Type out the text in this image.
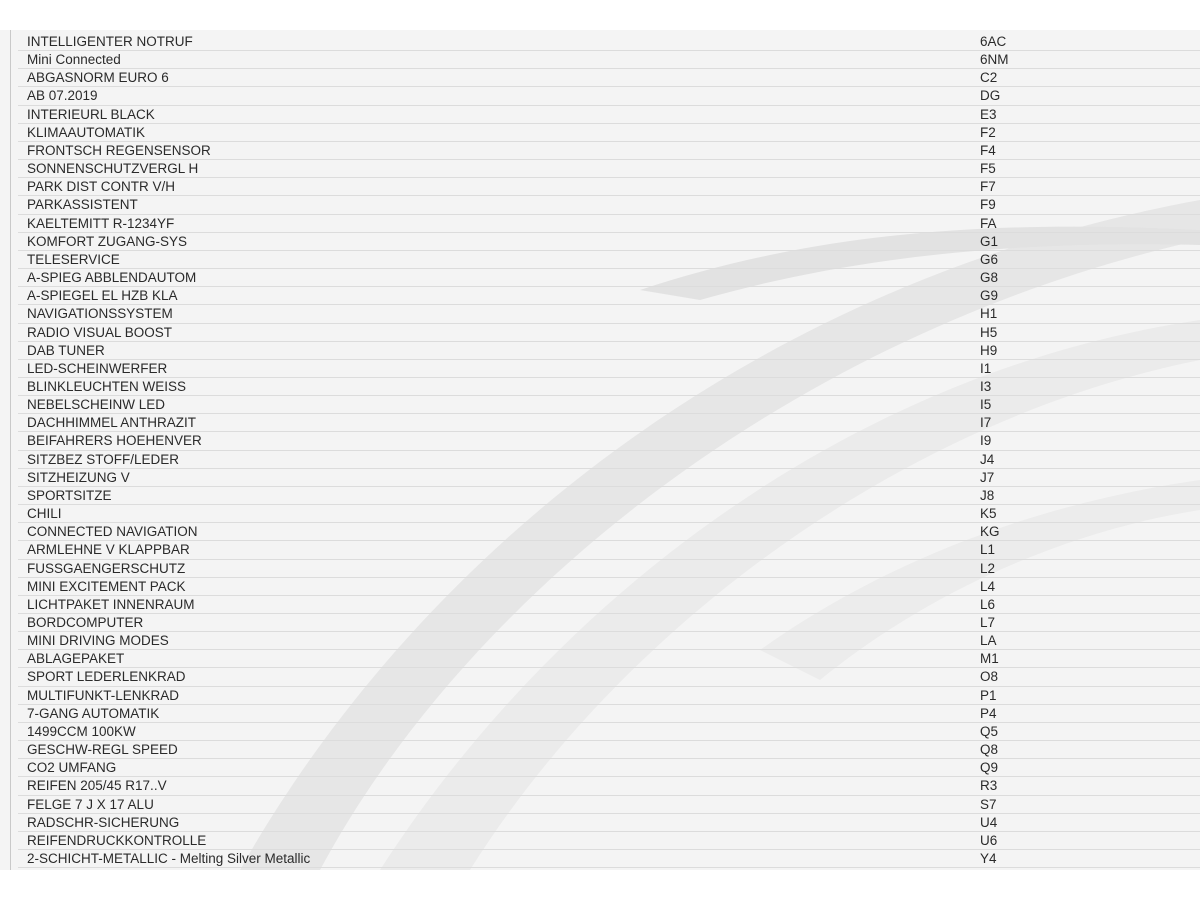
INTELLIGENTER NOTRUF	6AC
Mini Connected	6NM
ABGASNORM EURO 6	C2
AB 07.2019	DG
INTERIEURL BLACK	E3
KLIMAAUTOMATIK	F2
FRONTSCH REGENSENSOR	F4
SONNENSCHUTZVERGL H	F5
PARK DIST CONTR V/H	F7
PARKASSISTENT	F9
KAELTEMITT R-1234YF	FA
KOMFORT ZUGANG-SYS	G1
TELESERVICE	G6
A-SPIEG ABBLENDAUTOM	G8
A-SPIEGEL EL HZB KLA	G9
NAVIGATIONSSYSTEM	H1
RADIO VISUAL BOOST	H5
DAB TUNER	H9
LED-SCHEINWERFER	I1
BLINKLEUCHTEN WEISS	I3
NEBELSCHEINW LED	I5
DACHHIMMEL ANTHRAZIT	I7
BEIFAHRERS HOEHENVER	I9
SITZBEZ STOFF/LEDER	J4
SITZHEIZUNG V	J7
SPORTSITZE	J8
CHILI	K5
CONNECTED NAVIGATION	KG
ARMLEHNE V KLAPPBAR	L1
FUSSGAENGERSCHUTZ	L2
MINI EXCITEMENT PACK	L4
LICHTPAKET INNENRAUM	L6
BORDCOMPUTER	L7
MINI DRIVING MODES	LA
ABLAGEPAKET	M1
SPORT LEDERLENKRAD	O8
MULTIFUNKT-LENKRAD	P1
7-GANG AUTOMATIK	P4
1499CCM 100KW	Q5
GESCHW-REGL SPEED	Q8
CO2 UMFANG	Q9
REIFEN 205/45 R17..V	R3
FELGE 7 J X 17 ALU	S7
RADSCHR-SICHERUNG	U4
REIFENDRUCKKONTROLLE	U6
2-SCHICHT-METALLIC - Melting Silver Metallic	Y4
